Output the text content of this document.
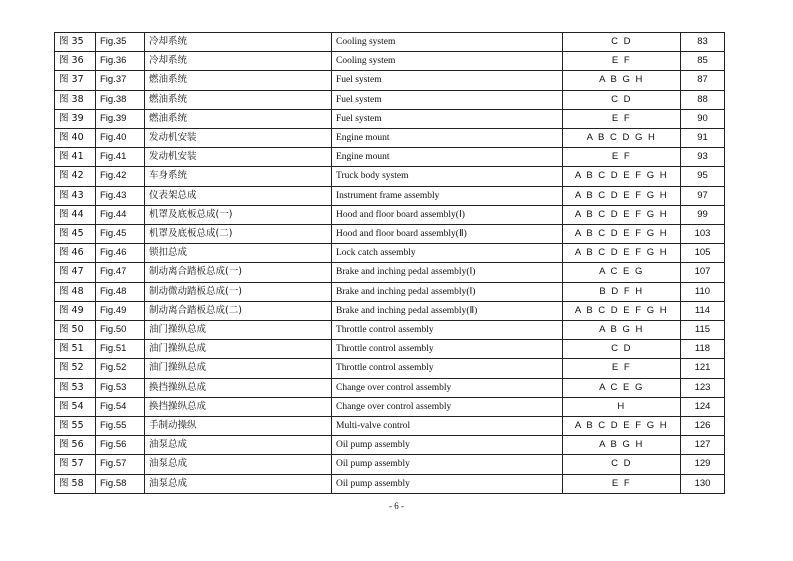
图 35	Fig.35	冷却系统	Cooling system	C D	83
图 36	Fig.36	冷却系统	Cooling system	E F	85
图 37	Fig.37	燃油系统	Fuel system	A B G H	87
图 38	Fig.38	燃油系统	Fuel system	C D	88
图 39	Fig.39	燃油系统	Fuel system	E F	90
图 40	Fig.40	发动机安装	Engine mount	A B C D G H	91
图 41	Fig.41	发动机安装	Engine mount	E F	93
图 42	Fig.42	车身系统	Truck body system	A B C D E F G H	95
图 43	Fig.43	仪表架总成	Instrument frame assembly	A B C D E F G H	97
图 44	Fig.44	机罩及底板总成(一)	Hood and floor board assembly(Ⅰ)	A B C D E F G H	99
图 45	Fig.45	机罩及底板总成(二)	Hood and floor board assembly(Ⅱ)	A B C D E F G H	103
图 46	Fig.46	锁扣总成	Lock catch assembly	A B C D E F G H	105
图 47	Fig.47	制动离合踏板总成(一)	Brake and inching pedal assembly(Ⅰ)	A C E G	107
图 48	Fig.48	制动微动踏板总成(一)	Brake and inching pedal assembly(Ⅰ)	B D F H	110
图 49	Fig.49	制动离合踏板总成(二)	Brake and inching pedal assembly(Ⅱ)	A B C D E F G H	114
图 50	Fig.50	油门操纵总成	Throttle control assembly	A B G H	115
图 51	Fig.51	油门操纵总成	Throttle control assembly	C D	118
图 52	Fig.52	油门操纵总成	Throttle control assembly	E F	121
图 53	Fig.53	换挡操纵总成	Change over control assembly	A C E G	123
图 54	Fig.54	换挡操纵总成	Change over control assembly	H	124
图 55	Fig.55	手制动操纵	Multi-valve control	A B C D E F G H	126
图 56	Fig.56	油泵总成	Oil pump assembly	A B G H	127
图 57	Fig.57	油泵总成	Oil pump assembly	C D	129
图 58	Fig.58	油泵总成	Oil pump assembly	E F	130
- 6 -
